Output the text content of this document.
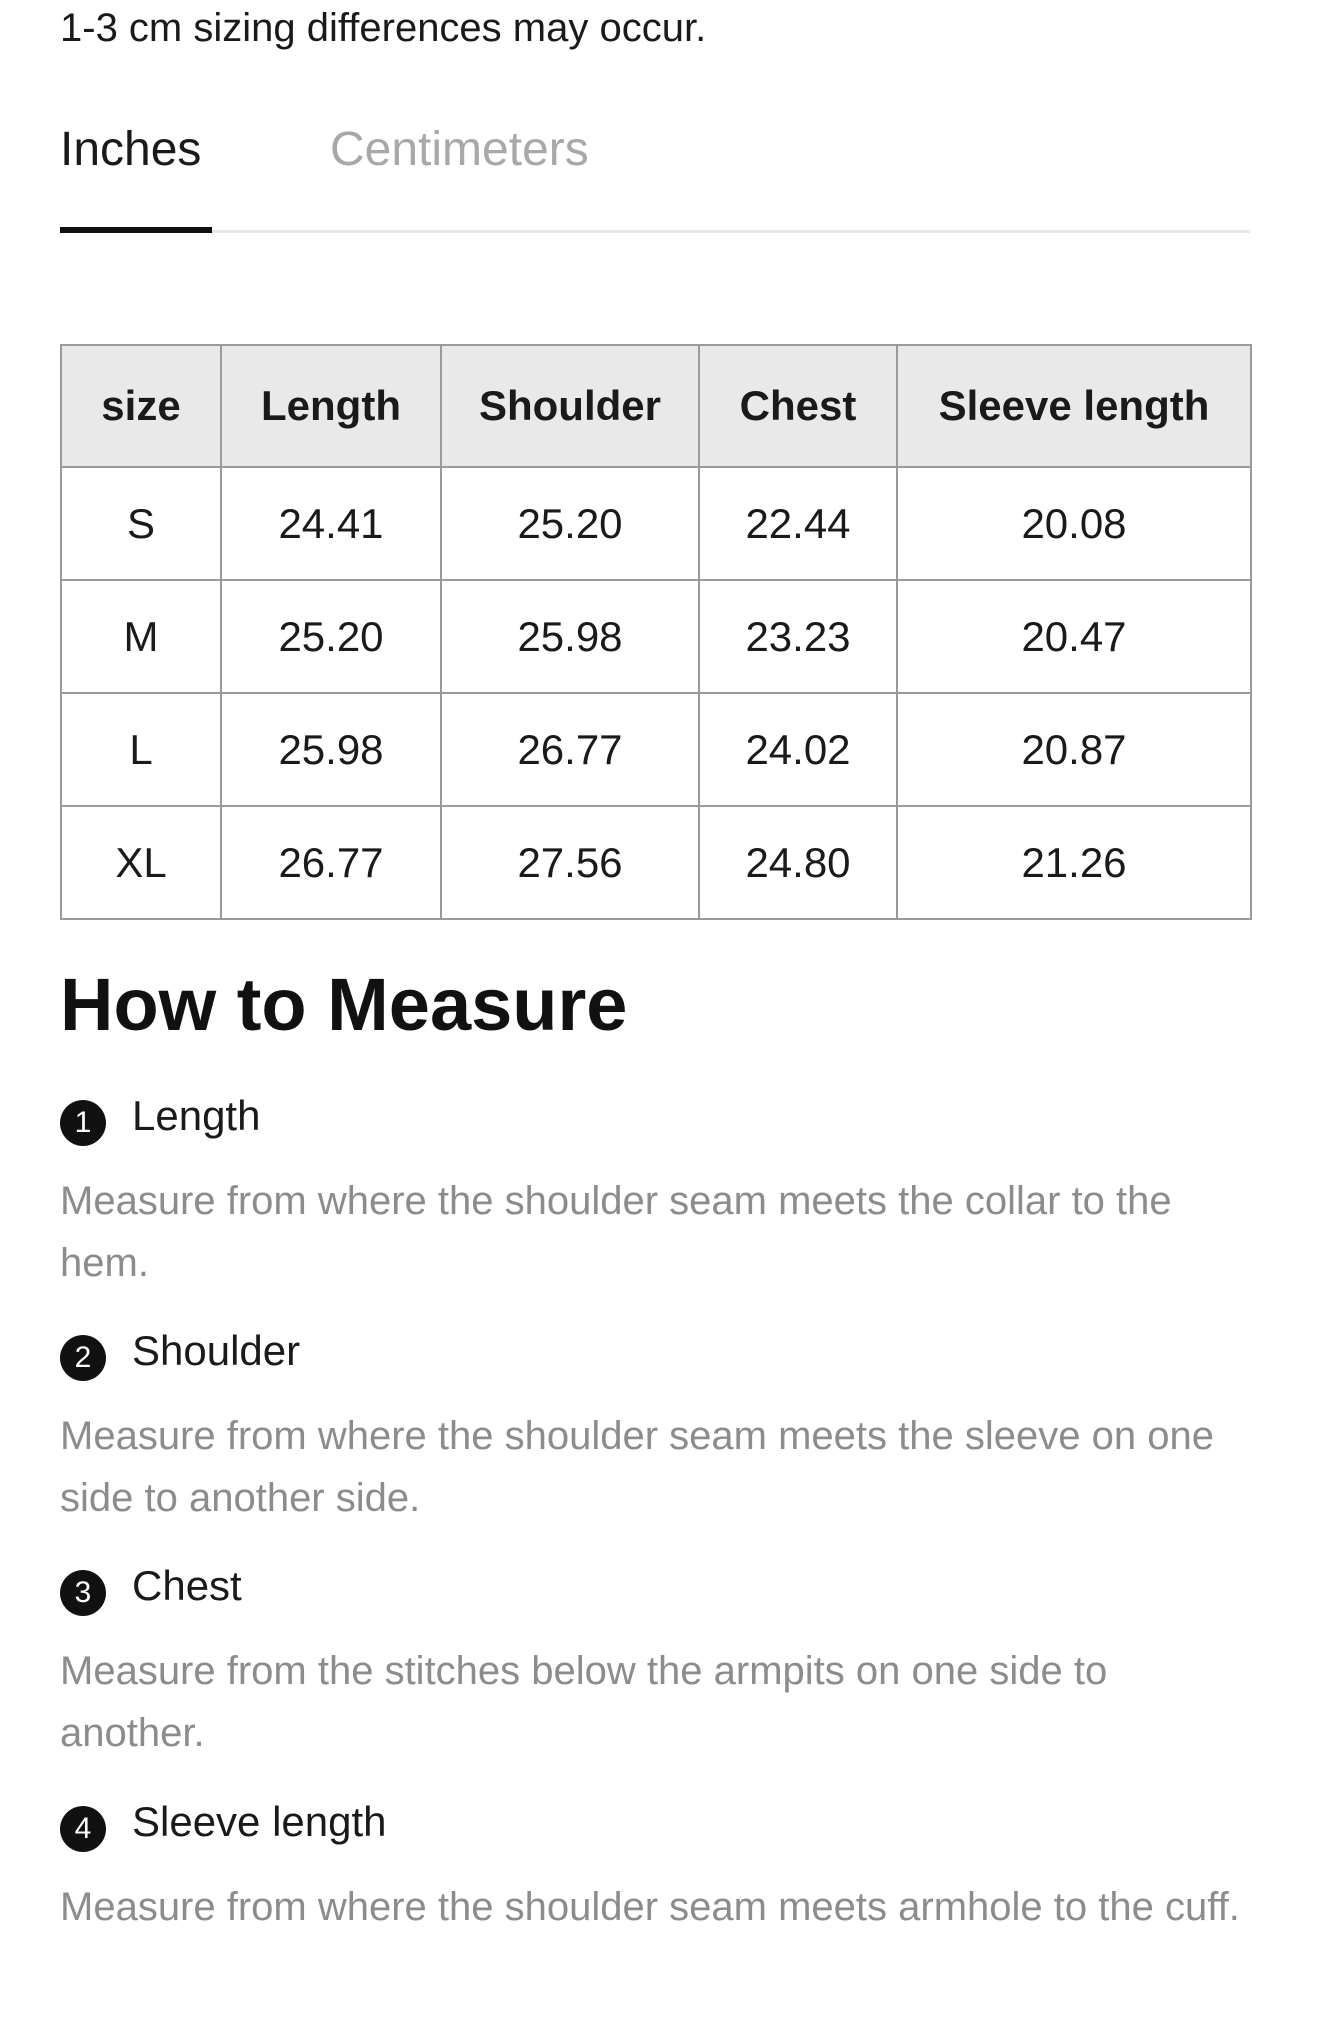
1-3 cm sizing differences may occur.
Inches	Centimeters
size	Length	Shoulder	Chest	Sleeve length
S	24.41	25.20	22.44	20.08
M	25.20	25.98	23.23	20.47
L	25.98	26.77	24.02	20.87
XL	26.77	27.56	24.80	21.26
How to Measure
1 Length
Measure from where the shoulder seam meets the collar to the hem.
2 Shoulder
Measure from where the shoulder seam meets the sleeve on one side to another side.
3 Chest
Measure from the stitches below the armpits on one side to another.
4 Sleeve length
Measure from where the shoulder seam meets armhole to the cuff.
